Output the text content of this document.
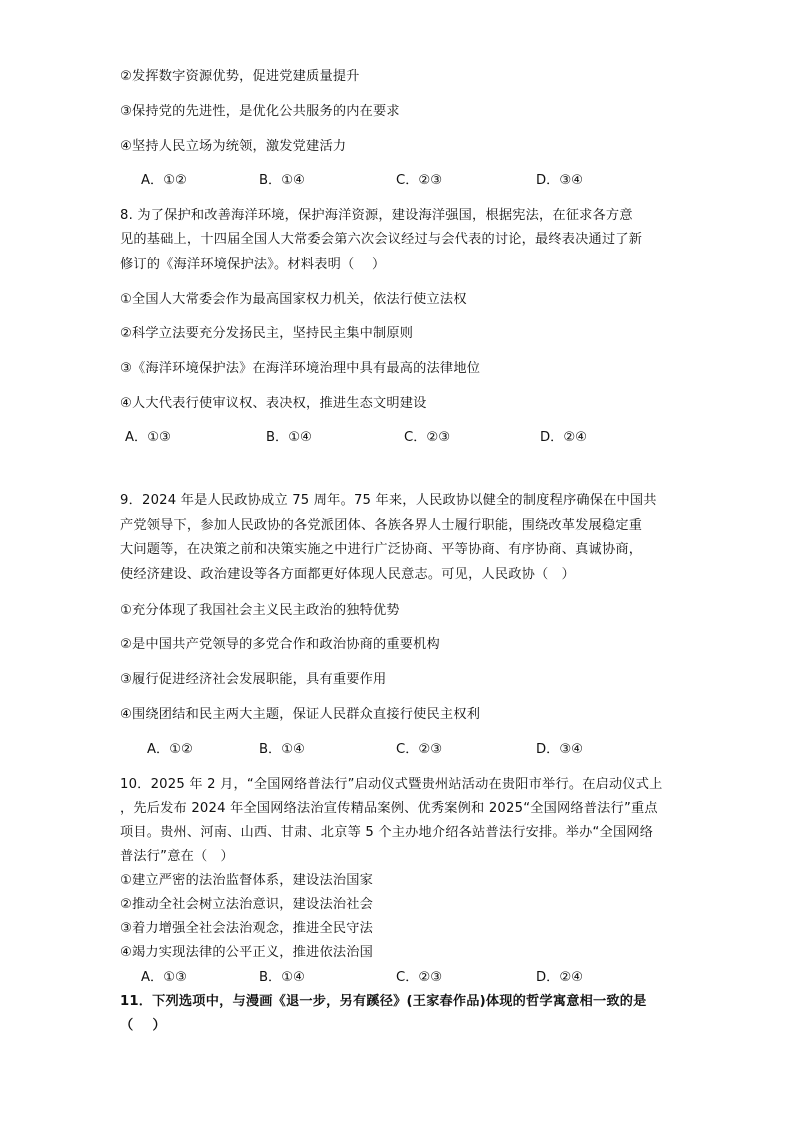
②发挥数字资源优势，促进党建质量提升
③保持党的先进性，是优化公共服务的内在要求
④坚持人民立场为统领，激发党建活力
A．①②	B．①④	C．②③	D．③④
8. 为了保护和改善海洋环境，保护海洋资源，建设海洋强国，根据宪法，在征求各方意
见的基础上，十四届全国人大常委会第六次会议经过与会代表的讨论，最终表决通过了新
修订的《海洋环境保护法》。材料表明（    ）
①全国人大常委会作为最高国家权力机关，依法行使立法权
②科学立法要充分发扬民主，坚持民主集中制原则
③《海洋环境保护法》在海洋环境治理中具有最高的法律地位
④人大代表行使审议权、表决权，推进生态文明建设
A．①③	B．①④	C．②③	D．②④
9．2024 年是人民政协成立 75 周年。75 年来，人民政协以健全的制度程序确保在中国共
产党领导下，参加人民政协的各党派团体、各族各界人士履行职能，围绕改革发展稳定重
大问题等，在决策之前和决策实施之中进行广泛协商、平等协商、有序协商、真诚协商，
使经济建设、政治建设等各方面都更好体现人民意志。可见，人民政协（   ）
①充分体现了我国社会主义民主政治的独特优势
②是中国共产党领导的多党合作和政治协商的重要机构
③履行促进经济社会发展职能，具有重要作用
④围绕团结和民主两大主题，保证人民群众直接行使民主权利
A．①②	B．①④	C．②③	D．③④
10．2025 年 2 月，“全国网络普法行”启动仪式暨贵州站活动在贵阳市举行。在启动仪式上
，先后发布 2024 年全国网络法治宣传精品案例、优秀案例和 2025“全国网络普法行”重点
项目。贵州、河南、山西、甘肃、北京等 5 个主办地介绍各站普法行安排。举办“全国网络
普法行”意在（   ）
①建立严密的法治监督体系，建设法治国家
②推动全社会树立法治意识，建设法治社会
③着力增强全社会法治观念，推进全民守法
④竭力实现法律的公平正义，推进依法治国
A．①③	B．①④	C．②③	D．②④
11．下列选项中，与漫画《退一步，另有蹊径》(王家春作品)体现的哲学寓意相一致的是
（    ）
